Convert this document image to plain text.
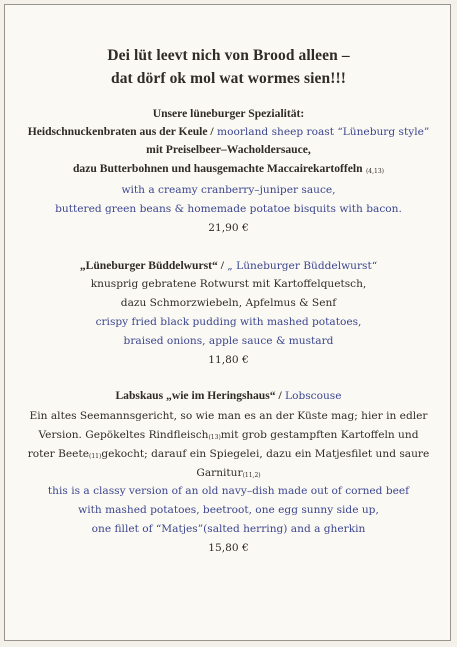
Dei lüt leevt nich von Brood alleen –
dat dörf ok mol wat wormes sien!!!
Unsere lüneburger Spezialität:
Heidschnuckenbraten aus der Keule / moorland sheep roast “Lüneburg style”
mit Preiselbeer–Wacholdersauce,
dazu Butterbohnen und hausgemachte Maccairekartoffeln (4,13)
with a creamy cranberry–juniper sauce,
buttered green beans & homemade potatoe bisquits with bacon.
21,90 €
„Lüneburger Büddelwurst“ / „ Lüneburger Büddelwurst“
knusprig gebratene Rotwurst mit Kartoffelquetsch,
dazu Schmorzwiebeln, Apfelmus & Senf
crispy fried black pudding with mashed potatoes,
braised onions, apple sauce & mustard
11,80 €
Labskaus „wie im Heringshaus“ / Lobscouse
Ein altes Seemannsgericht, so wie man es an der Küste mag; hier in edler
Version. Gepökeltes Rindfleisch(13)mit grob gestampften Kartoffeln und
roter Beete(11)gekocht; darauf ein Spiegelei, dazu ein Matjesfilet und saure
Garnitur(11,2)
this is a classy version of an old navy–dish made out of corned beef
with mashed potatoes, beetroot, one egg sunny side up,
one fillet of “Matjes”(salted herring) and a gherkin
15,80 €
